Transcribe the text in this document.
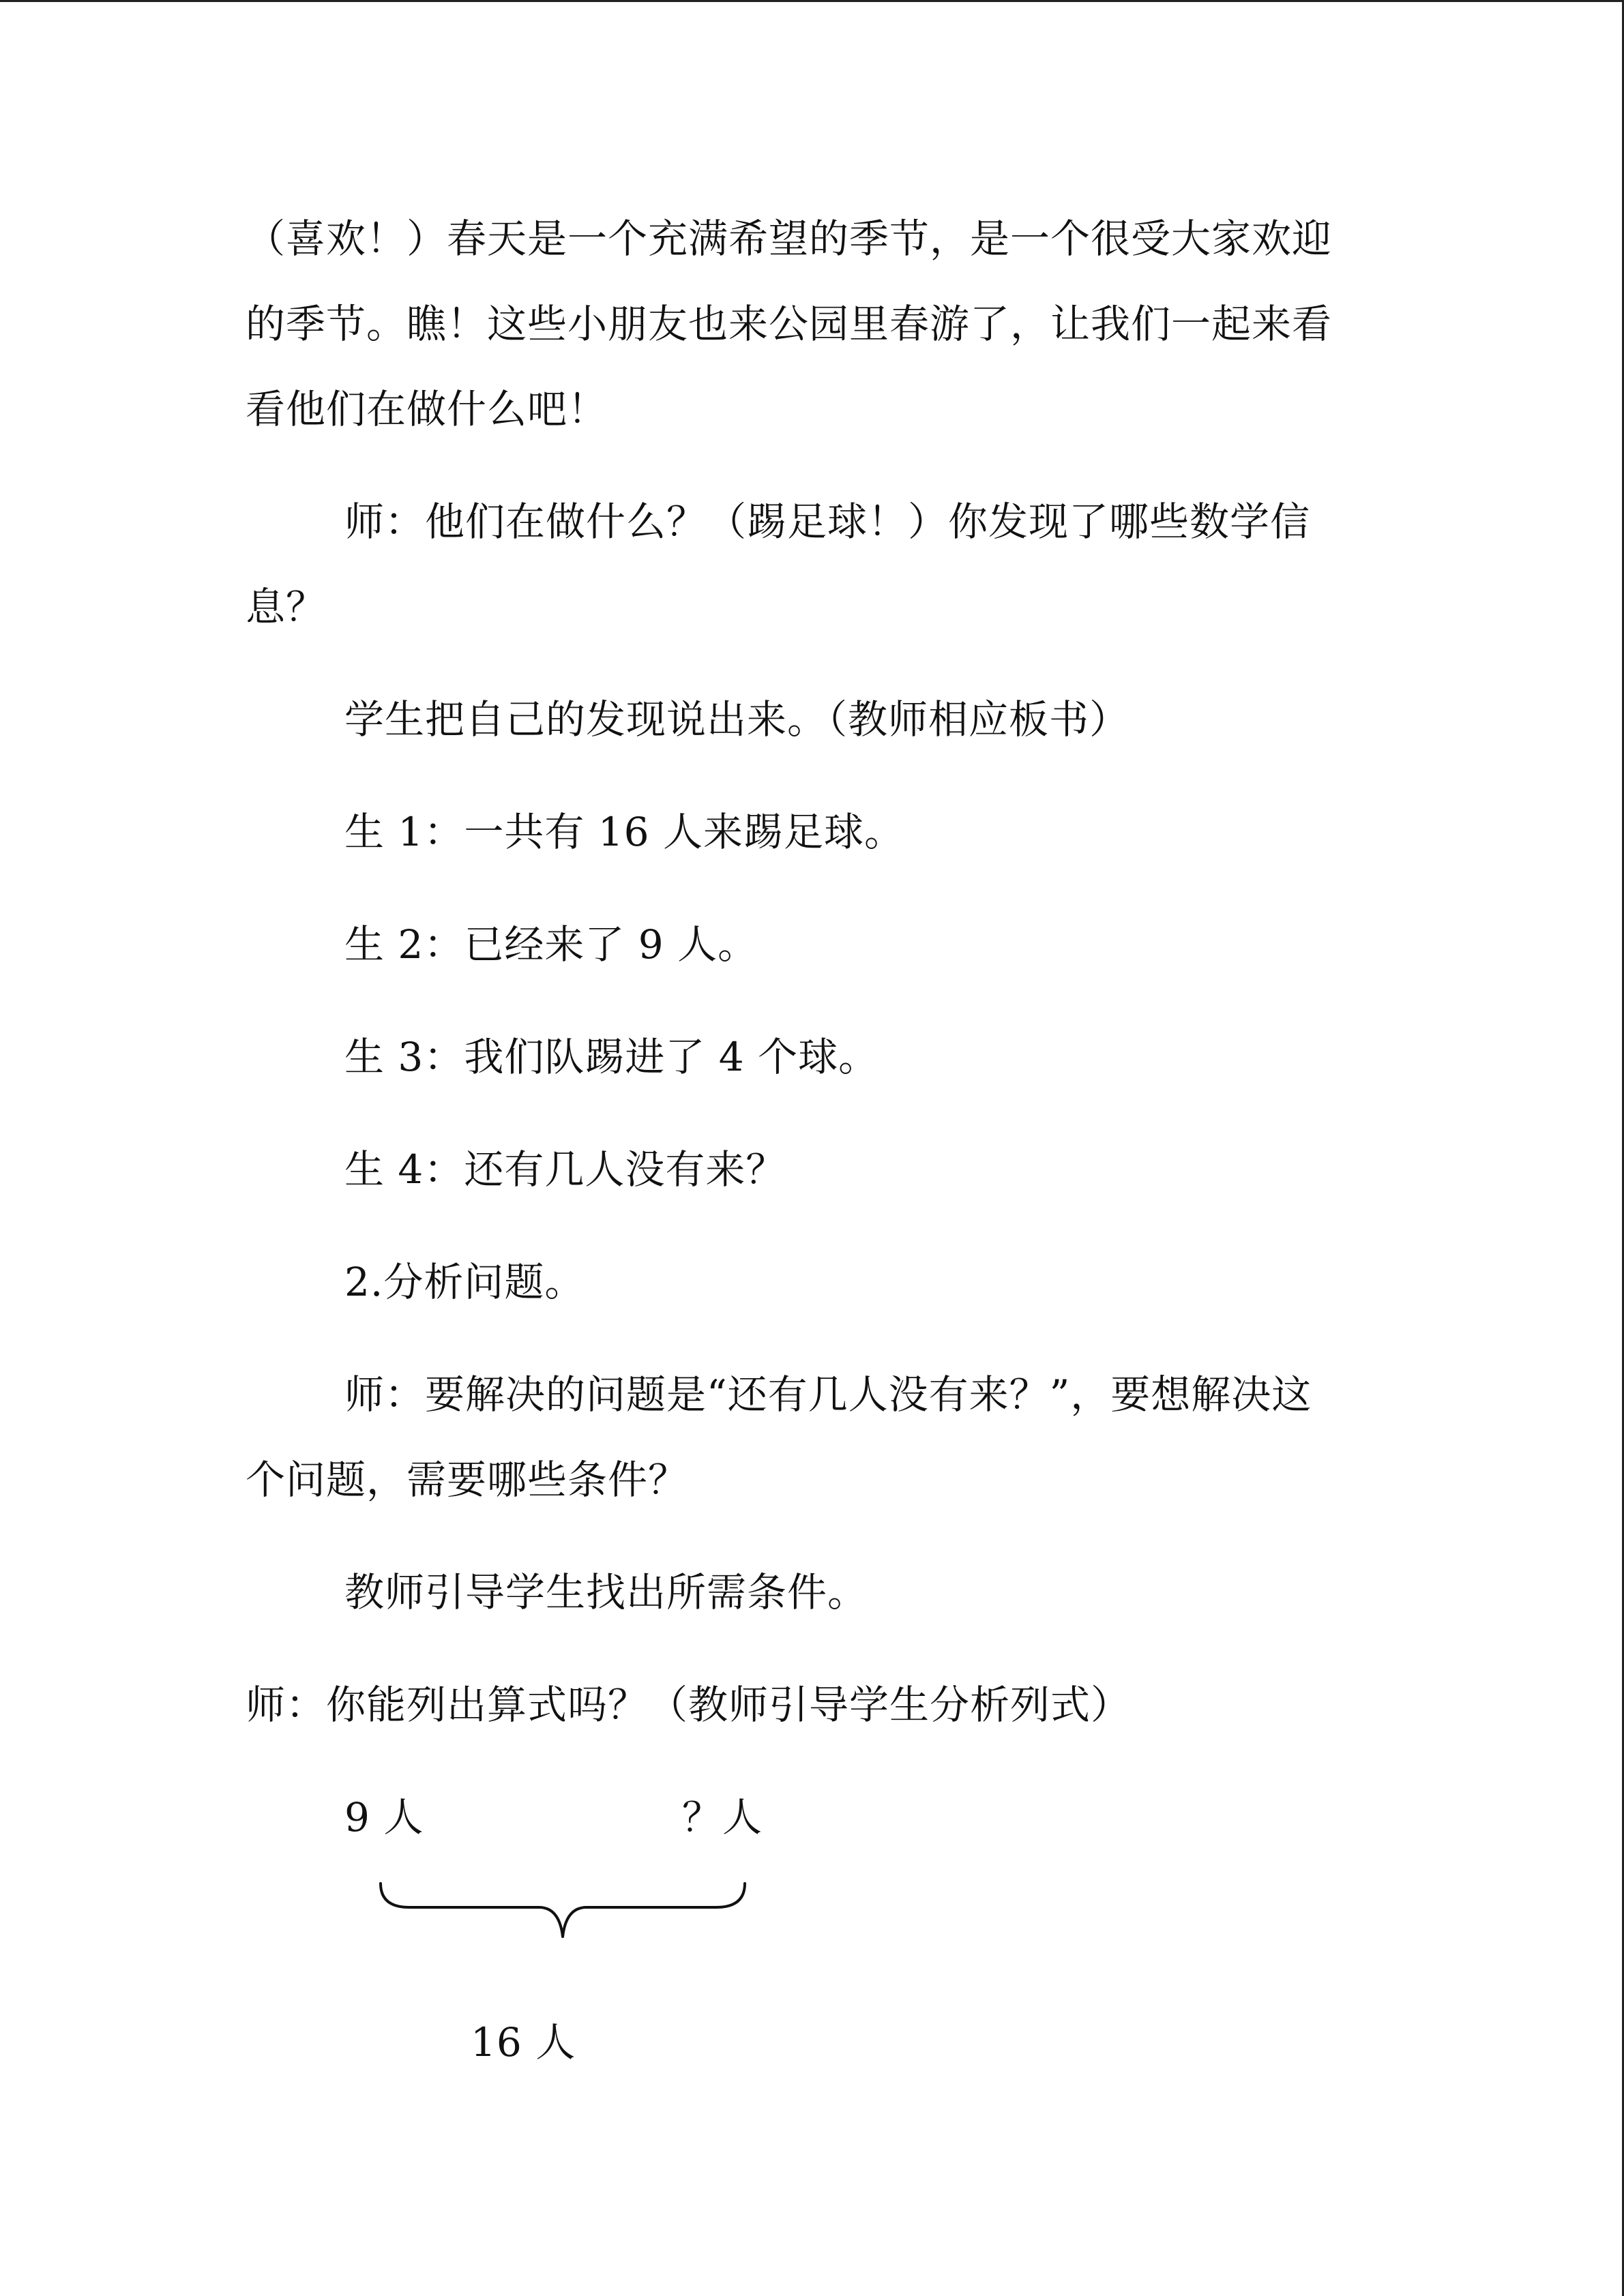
（喜欢！）春天是一个充满希望的季节，是一个很受大家欢迎
的季节。瞧！这些小朋友也来公园里春游了，让我们一起来看
看他们在做什么吧！
师：他们在做什么？（踢足球！）你发现了哪些数学信
息？
学生把自己的发现说出来。（教师相应板书）
生 1：一共有 16 人来踢足球。
生 2：已经来了 9 人。
生 3：我们队踢进了 4 个球。
生 4：还有几人没有来？
2.分析问题。
师：要解决的问题是“还有几人没有来？”，要想解决这
个问题，需要哪些条件？
教师引导学生找出所需条件。
师：你能列出算式吗？（教师引导学生分析列式）
9 人	？人
16 人
